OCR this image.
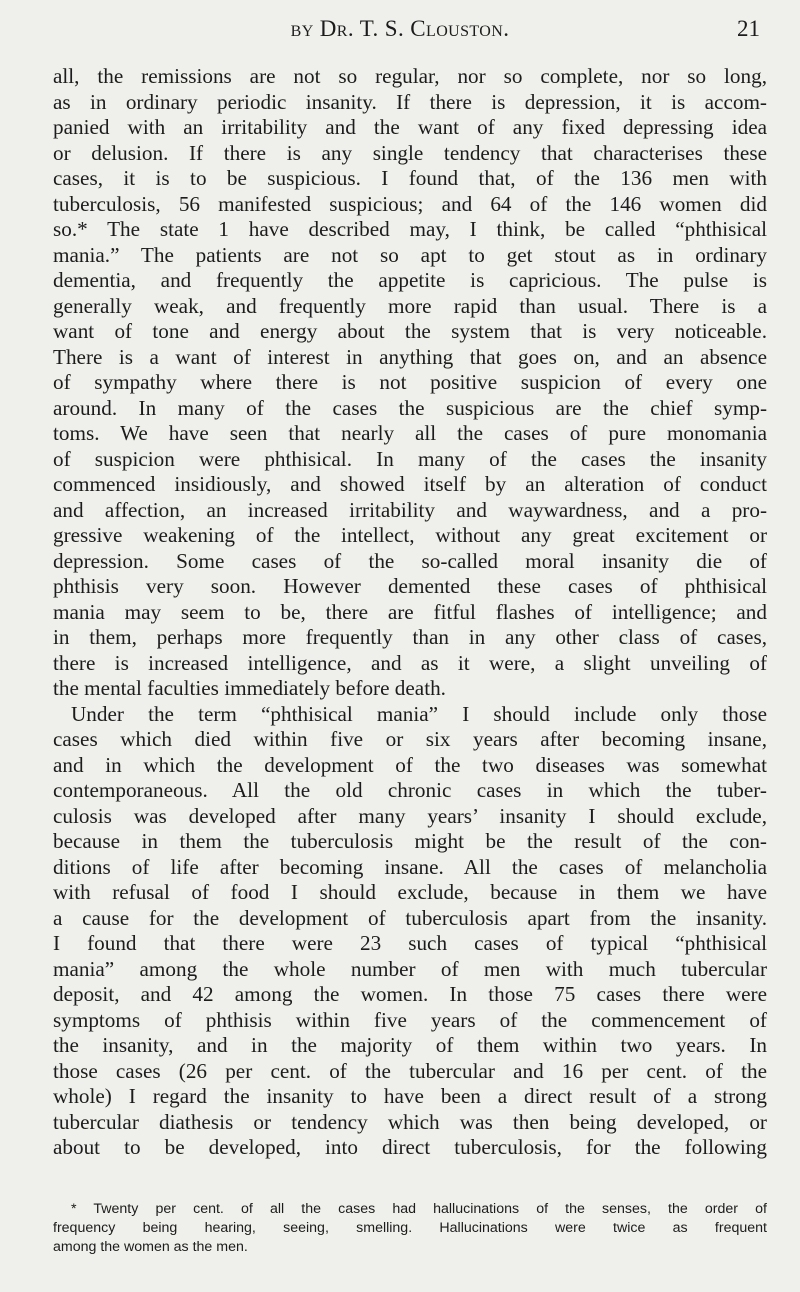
by Dr. T. S. Clouston.	21
all, the remissions are not so regular, nor so complete, nor so long,
as in ordinary periodic insanity. If there is depression, it is accom-
panied with an irritability and the want of any fixed depressing idea
or delusion. If there is any single tendency that characterises these
cases, it is to be suspicious. I found that, of the 136 men with
tuberculosis, 56 manifested suspicious; and 64 of the 146 women did
so.* The state 1 have described may, I think, be called “phthisical
mania.” The patients are not so apt to get stout as in ordinary
dementia, and frequently the appetite is capricious. The pulse is
generally weak, and frequently more rapid than usual. There is a
want of tone and energy about the system that is very noticeable.
There is a want of interest in anything that goes on, and an absence
of sympathy where there is not positive suspicion of every one
around. In many of the cases the suspicious are the chief symp-
toms. We have seen that nearly all the cases of pure monomania
of suspicion were phthisical. In many of the cases the insanity
commenced insidiously, and showed itself by an alteration of conduct
and affection, an increased irritability and waywardness, and a pro-
gressive weakening of the intellect, without any great excitement or
depression. Some cases of the so-called moral insanity die of
phthisis very soon. However demented these cases of phthisical
mania may seem to be, there are fitful flashes of intelligence; and
in them, perhaps more frequently than in any other class of cases,
there is increased intelligence, and as it were, a slight unveiling of
the mental faculties immediately before death.
Under the term “phthisical mania” I should include only those
cases which died within five or six years after becoming insane,
and in which the development of the two diseases was somewhat
contemporaneous. All the old chronic cases in which the tuber-
culosis was developed after many years’ insanity I should exclude,
because in them the tuberculosis might be the result of the con-
ditions of life after becoming insane. All the cases of melancholia
with refusal of food I should exclude, because in them we have
a cause for the development of tuberculosis apart from the insanity.
I found that there were 23 such cases of typical “phthisical
mania” among the whole number of men with much tubercular
deposit, and 42 among the women. In those 75 cases there were
symptoms of phthisis within five years of the commencement of
the insanity, and in the majority of them within two years. In
those cases (26 per cent. of the tubercular and 16 per cent. of the
whole) I regard the insanity to have been a direct result of a strong
tubercular diathesis or tendency which was then being developed, or
about to be developed, into direct tuberculosis, for the following
* Twenty per cent. of all the cases had hallucinations of the senses, the order of
frequency being hearing, seeing, smelling. Hallucinations were twice as frequent
among the women as the men.
